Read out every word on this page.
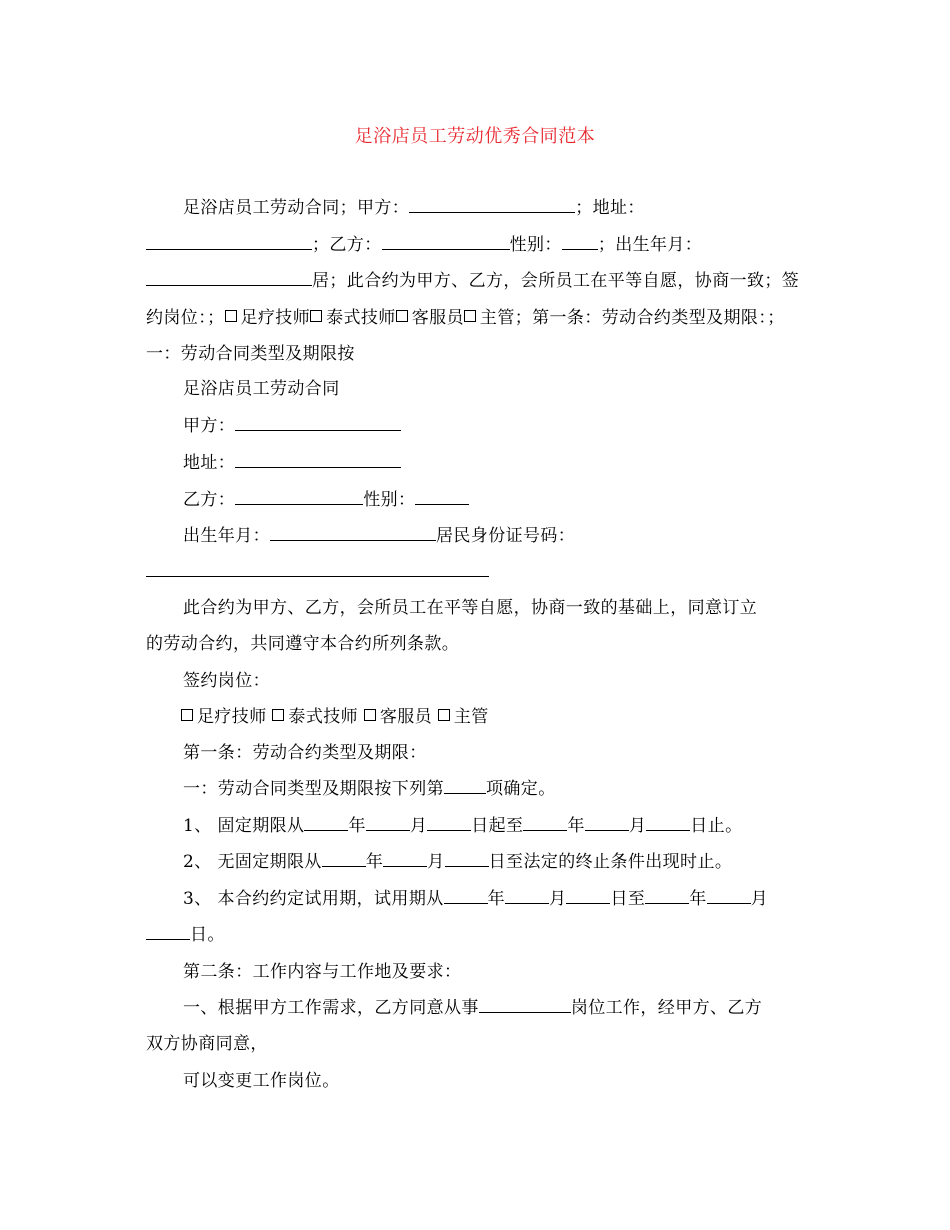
足浴店员工劳动优秀合同范本
足浴店员工劳动合同；甲方：	；地址：；乙方：	性别： ；出生年月：居；此合约为甲方、乙方，会所员工在平等自愿，协商一致；签约岗位：； 足疗技师 泰式技师 客服员 主管；第一条：劳动合约类型及期限：；一：劳动合同类型及期限按
足浴店员工劳动合同
甲方：
地址：
乙方：	性别：
出生年月：	居民身份证号码：
此合约为甲方、乙方，会所员工在平等自愿，协商一致的基础上，同意订立
的劳动合约，共同遵守本合约所列条款。
签约岗位：
足疗技师 泰式技师 客服员 主管
第一条：劳动合约类型及期限：
一：劳动合同类型及期限按下列第 项确定。
1、 固定期限从	年	月	日起至	年	月	日止。
2、 无固定期限从	年	月	日至法定的终止条件出现时止。
3、 本合约约定试用期，试用期从	年	月	日至	年	月
日。
第二条：工作内容与工作地及要求：
一、根据甲方工作需求，乙方同意从事	岗位工作，经甲方、乙方
双方协商同意，
可以变更工作岗位。
